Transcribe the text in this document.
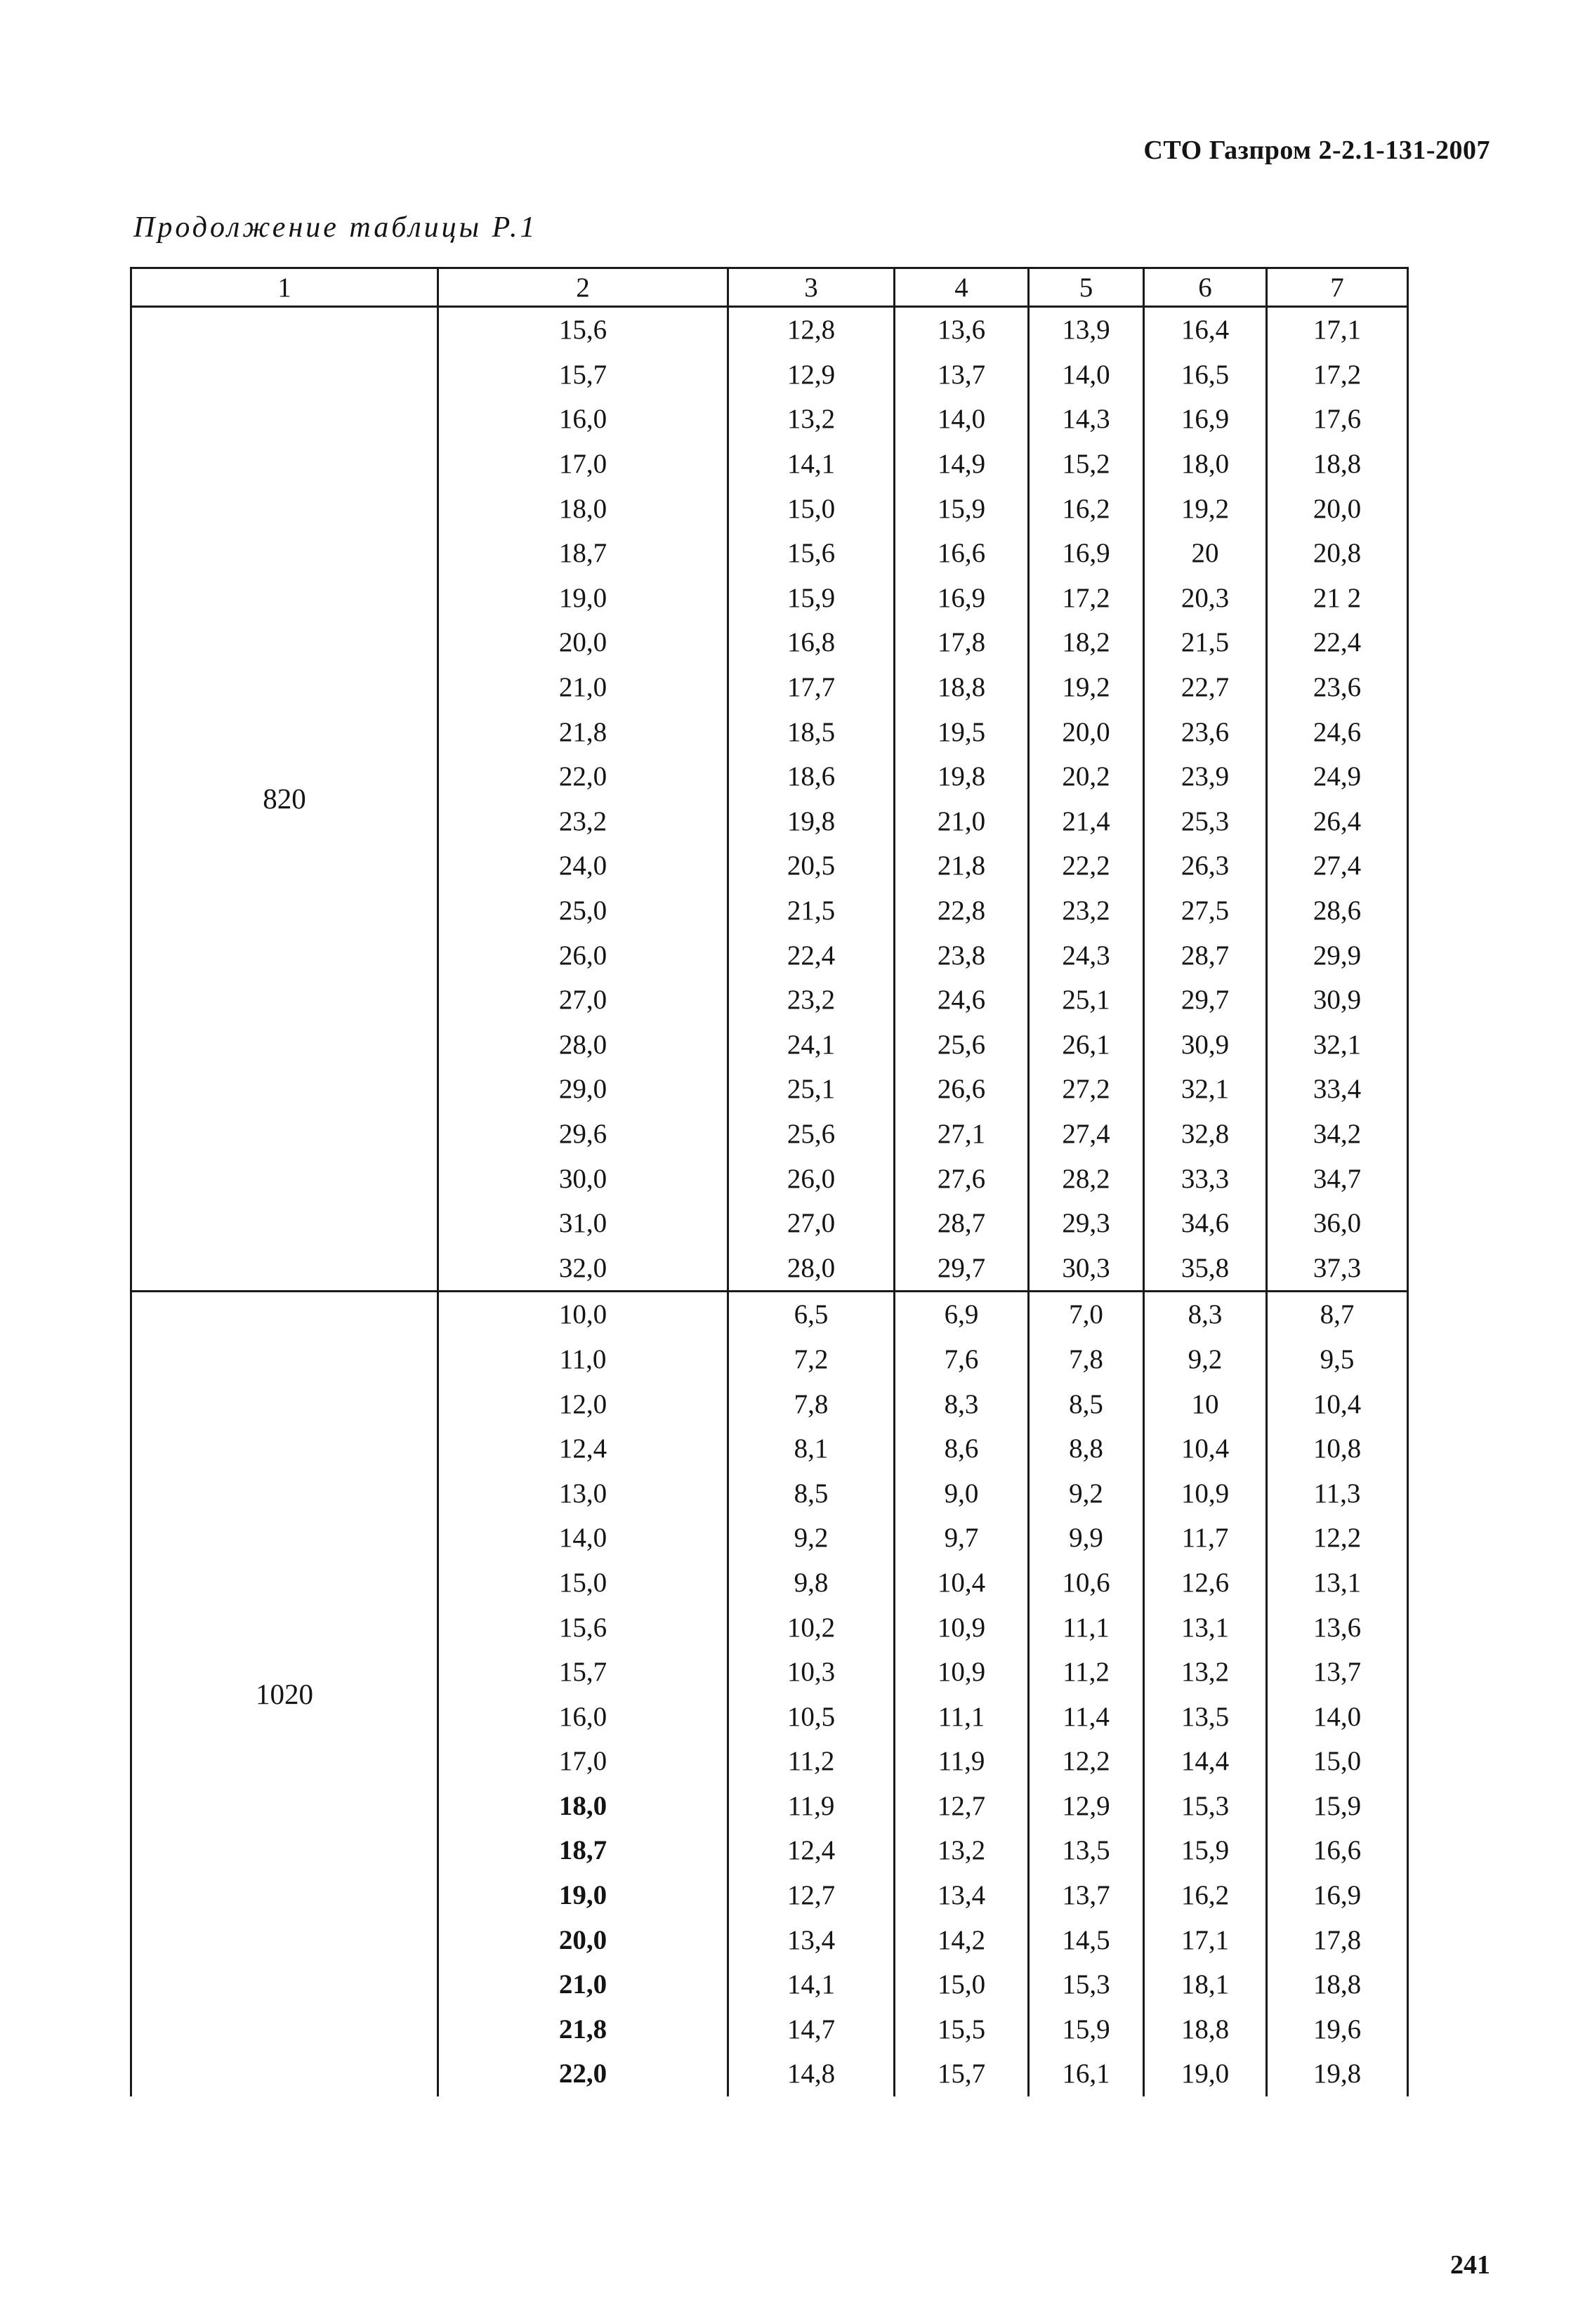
СТО Газпром 2-2.1-131-2007
Продолжение таблицы Р.1
1	2	3	4	5	6	7
820	15,6	12,8	13,6	13,9	16,4	17,1
	15,7	12,9	13,7	14,0	16,5	17,2
	16,0	13,2	14,0	14,3	16,9	17,6
	17,0	14,1	14,9	15,2	18,0	18,8
	18,0	15,0	15,9	16,2	19,2	20,0
	18,7	15,6	16,6	16,9	20	20,8
	19,0	15,9	16,9	17,2	20,3	21 2
	20,0	16,8	17,8	18,2	21,5	22,4
	21,0	17,7	18,8	19,2	22,7	23,6
	21,8	18,5	19,5	20,0	23,6	24,6
	22,0	18,6	19,8	20,2	23,9	24,9
	23,2	19,8	21,0	21,4	25,3	26,4
	24,0	20,5	21,8	22,2	26,3	27,4
	25,0	21,5	22,8	23,2	27,5	28,6
	26,0	22,4	23,8	24,3	28,7	29,9
	27,0	23,2	24,6	25,1	29,7	30,9
	28,0	24,1	25,6	26,1	30,9	32,1
	29,0	25,1	26,6	27,2	32,1	33,4
	29,6	25,6	27,1	27,4	32,8	34,2
	30,0	26,0	27,6	28,2	33,3	34,7
	31,0	27,0	28,7	29,3	34,6	36,0
	32,0	28,0	29,7	30,3	35,8	37,3
1020	10,0	6,5	6,9	7,0	8,3	8,7
	11,0	7,2	7,6	7,8	9,2	9,5
	12,0	7,8	8,3	8,5	10	10,4
	12,4	8,1	8,6	8,8	10,4	10,8
	13,0	8,5	9,0	9,2	10,9	11,3
	14,0	9,2	9,7	9,9	11,7	12,2
	15,0	9,8	10,4	10,6	12,6	13,1
	15,6	10,2	10,9	11,1	13,1	13,6
	15,7	10,3	10,9	11,2	13,2	13,7
	16,0	10,5	11,1	11,4	13,5	14,0
	17,0	11,2	11,9	12,2	14,4	15,0
	18,0	11,9	12,7	12,9	15,3	15,9
	18,7	12,4	13,2	13,5	15,9	16,6
	19,0	12,7	13,4	13,7	16,2	16,9
	20,0	13,4	14,2	14,5	17,1	17,8
	21,0	14,1	15,0	15,3	18,1	18,8
	21,8	14,7	15,5	15,9	18,8	19,6
	22,0	14,8	15,7	16,1	19,0	19,8
241
